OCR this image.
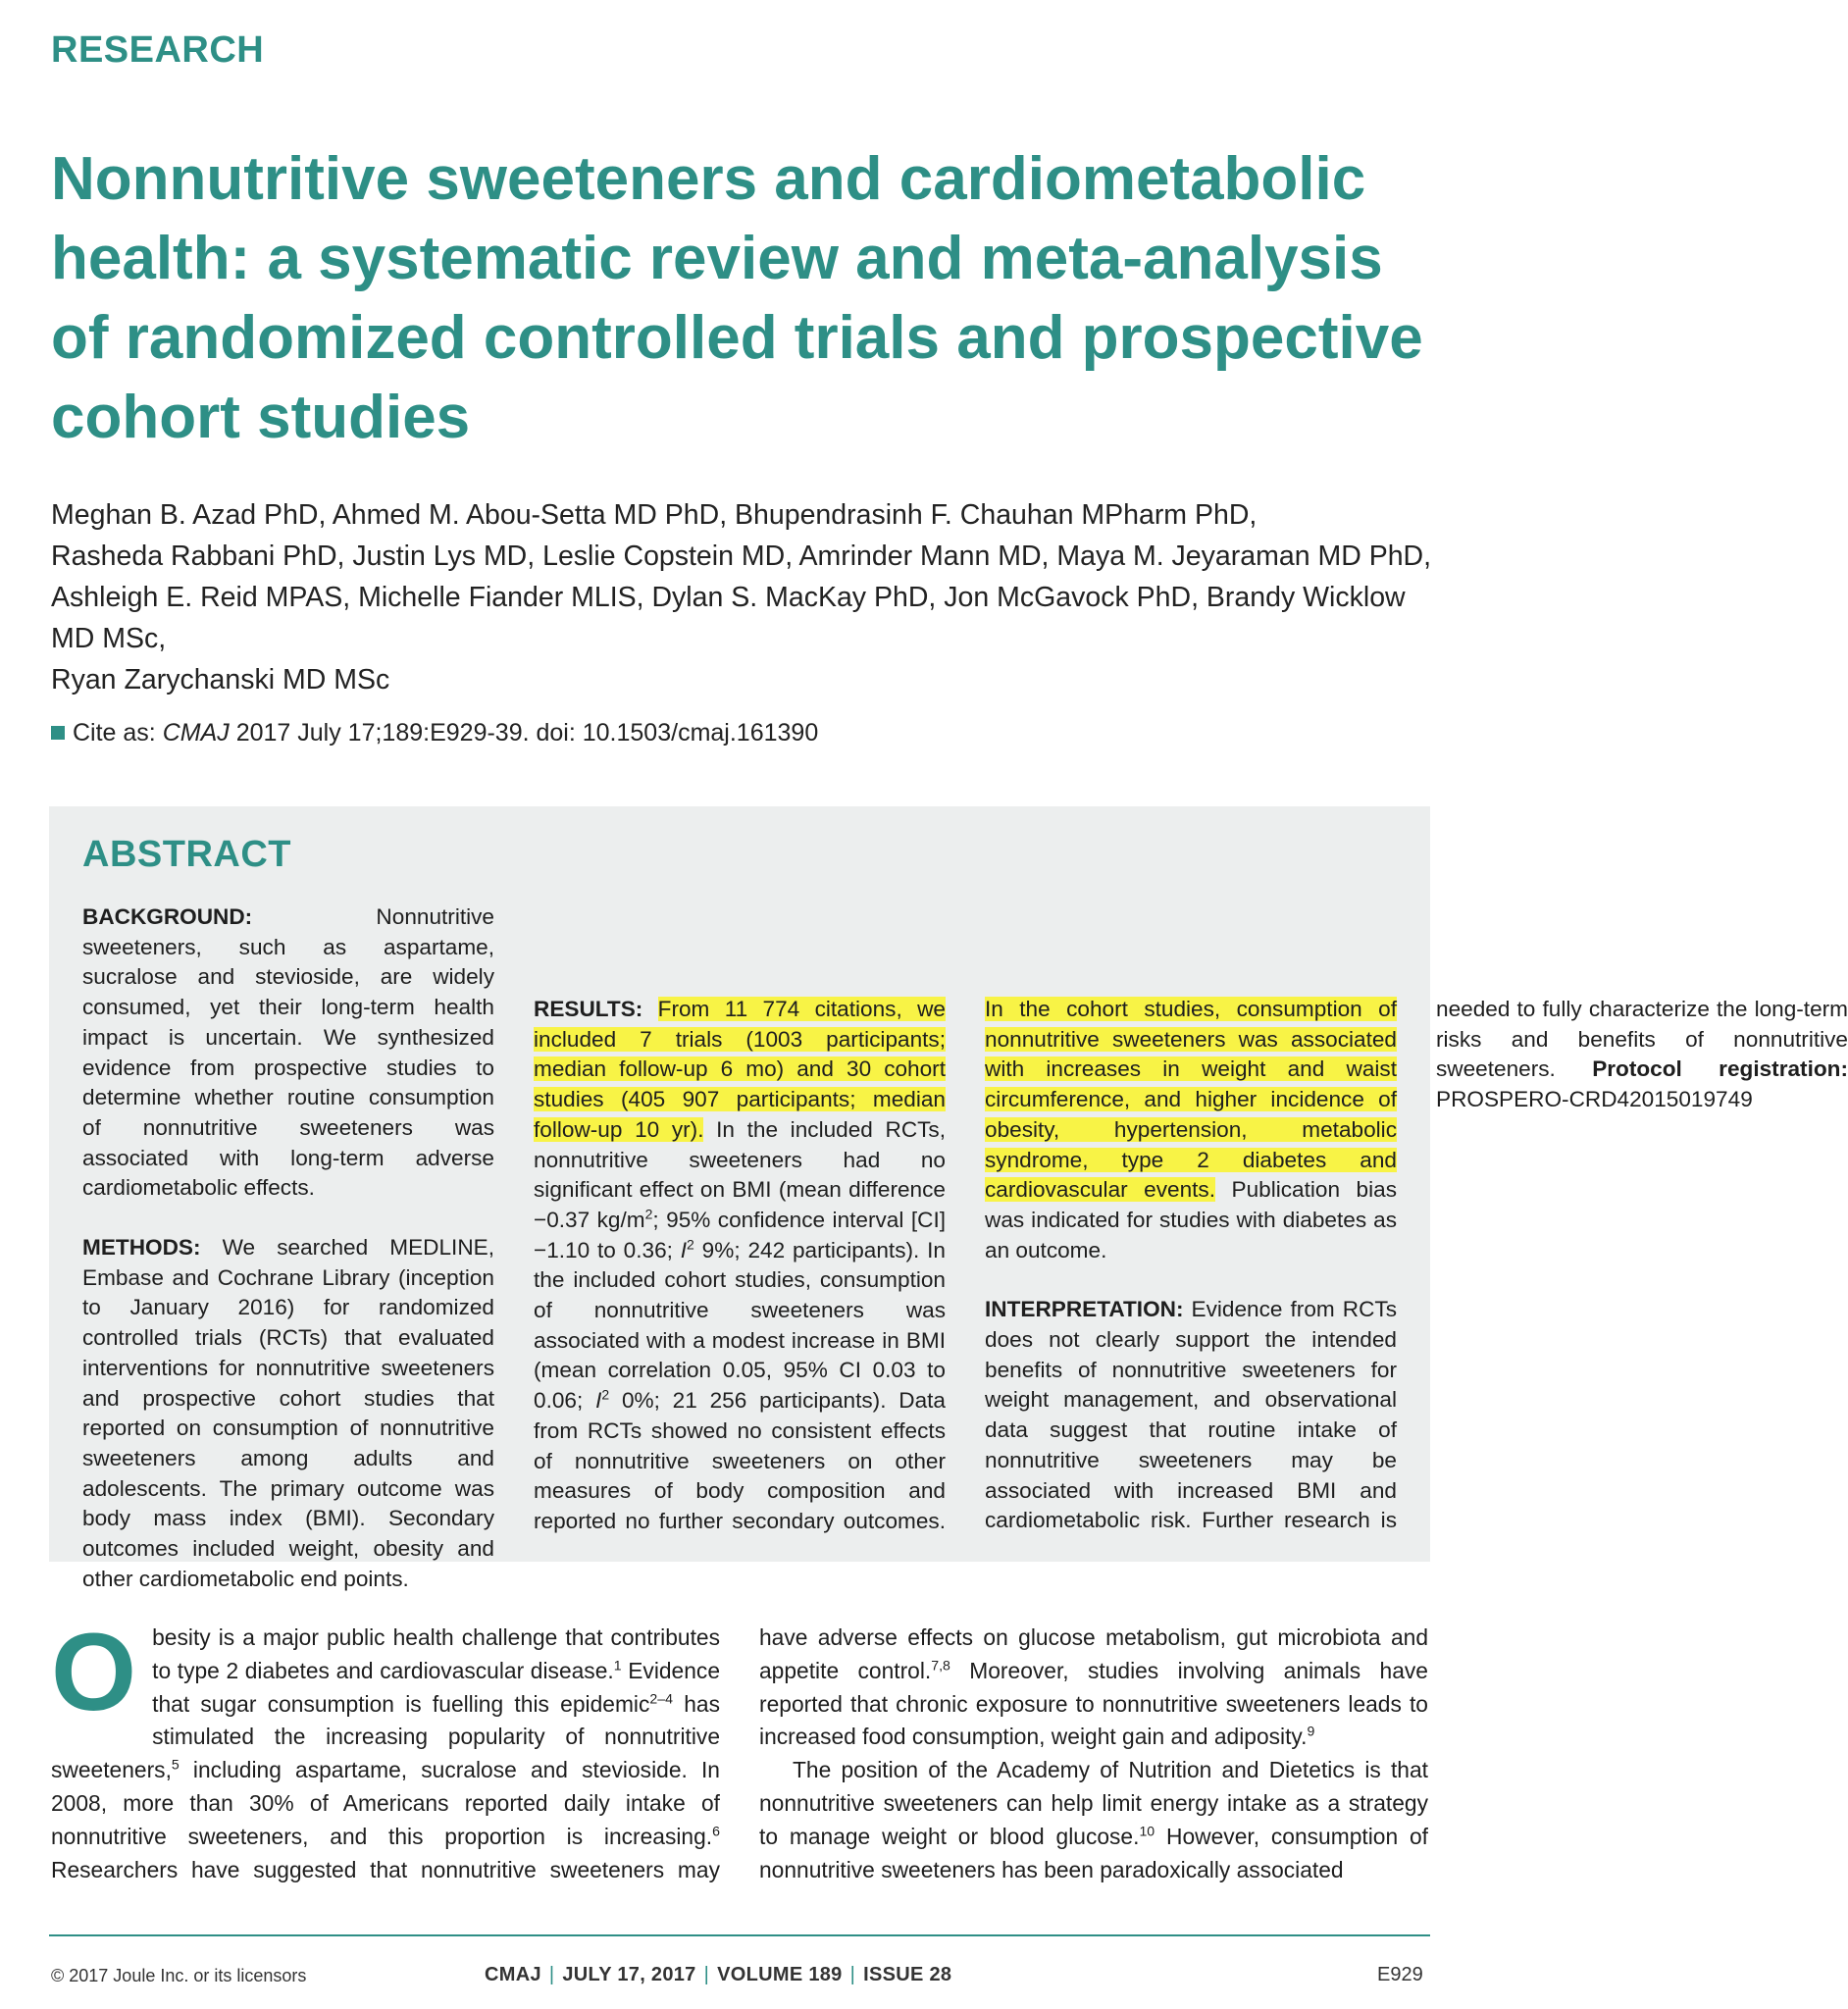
RESEARCH
Nonnutritive sweeteners and cardiometabolic health: a systematic review and meta-analysis of randomized controlled trials and prospective cohort studies
Meghan B. Azad PhD, Ahmed M. Abou-Setta MD PhD, Bhupendrasinh F. Chauhan MPharm PhD,
Rasheda Rabbani PhD, Justin Lys MD, Leslie Copstein MD, Amrinder Mann MD, Maya M. Jeyaraman MD PhD,
Ashleigh E. Reid MPAS, Michelle Fiander MLIS, Dylan S. MacKay PhD, Jon McGavock PhD, Brandy Wicklow MD MSc,
Ryan Zarychanski MD MSc
Cite as: CMAJ 2017 July 17;189:E929-39. doi: 10.1503/cmaj.161390
ABSTRACT

BACKGROUND: Nonnutritive sweeteners, such as aspartame, sucralose and stevioside, are widely consumed, yet their long-term health impact is uncertain. We synthesized evidence from prospective studies to determine whether routine consumption of nonnutritive sweeteners was associated with long-term adverse cardiometabolic effects.

METHODS: We searched MEDLINE, Embase and Cochrane Library (inception to January 2016) for randomized controlled trials (RCTs) that evaluated interventions for nonnutritive sweeteners and prospective cohort studies that reported on consumption of nonnutritive sweeteners among adults and adolescents. The primary outcome was body mass index (BMI). Secondary outcomes included weight, obesity and other cardiometabolic end points.

RESULTS: From 11 774 citations, we included 7 trials (1003 participants; median follow-up 6 mo) and 30 cohort studies (405 907 participants; median follow-up 10 yr). In the included RCTs, nonnutritive sweeteners had no significant effect on BMI (mean difference −0.37 $kg/m^2$; 95% confidence interval [CI] −1.10 to 0.36; $I^2$ 9%; 242 participants). In the included cohort studies, consumption of nonnutritive sweeteners was associated with a modest increase in BMI (mean correlation 0.05, 95% CI 0.03 to 0.06; $I^2$ 0%; 21 256 participants). Data from RCTs showed no consistent effects of nonnutritive sweeteners on other measures of body composition and reported no further secondary outcomes. In the cohort studies, consumption of nonnutritive sweeteners was associated with increases in weight and waist circumference, and higher incidence of obesity, hypertension, metabolic syndrome, type 2 diabetes and cardiovascular events. Publication bias was indicated for studies with diabetes as an outcome.

INTERPRETATION: Evidence from RCTs does not clearly support the intended benefits of nonnutritive sweeteners for weight management, and observational data suggest that routine intake of nonnutritive sweeteners may be associated with increased BMI and cardiometabolic risk. Further research is needed to fully characterize the long-term risks and benefits of nonnutritive sweeteners. Protocol registration: PROSPERO-CRD42015019749

Obesity is a major public health challenge that contributes to type 2 diabetes and cardiovascular disease.$^1$ Evidence that sugar consumption is fuelling this epidemic$^{2-4}$ has stimulated the increasing popularity of nonnutritive sweeteners,$^5$ including aspartame, sucralose and stevioside. In 2008, more than 30% of Americans reported daily intake of nonnutritive sweeteners, and this proportion is increasing.$^6$ Researchers have suggested that nonnutritive sweeteners may have adverse effects on glucose metabolism, gut microbiota and appetite control.$^{7,8}$ Moreover, studies involving animals have reported that chronic exposure to nonnutritive sweeteners leads to increased food consumption, weight gain and adiposity.$^9$

The position of the Academy of Nutrition and Dietetics is that nonnutritive sweeteners can help limit energy intake as a strategy to manage weight or blood glucose.$^{10}$ However, consumption of nonnutritive sweeteners has been paradoxically associated

© 2017 Joule Inc. or its licensors	CMAJ | JULY 17, 2017 | VOLUME 189 | ISSUE 28	E929
